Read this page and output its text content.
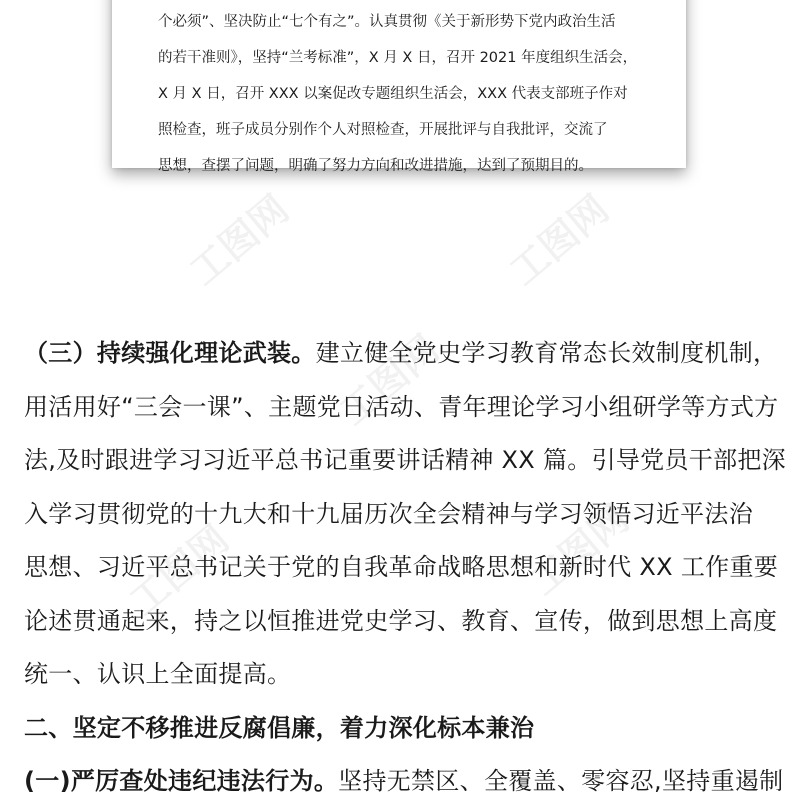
个必须”、坚决防止“七个有之”。认真贯彻《关于新形势下党内政治生活
的若干准则》，坚持“兰考标准”，X 月 X 日，召开 2021 年度组织生活会，
X 月 X 日，召开 XXX 以案促改专题组织生活会，XXX 代表支部班子作对
照检查，班子成员分别作个人对照检查，开展批评与自我批评，交流了
思想，查摆了问题，明确了努力方向和改进措施，达到了预期目的。
工图网	工图网
工图网
工图网	工图网
（三）持续强化理论武装。建立健全党史学习教育常态长效制度机制，
用活用好“三会一课”、主题党日活动、青年理论学习小组研学等方式方
法,及时跟进学习习近平总书记重要讲话精神 XX 篇。引导党员干部把深
入学习贯彻党的十九大和十九届历次全会精神与学习领悟习近平法治
思想、习近平总书记关于党的自我革命战略思想和新时代 XX 工作重要
论述贯通起来，持之以恒推进党史学习、教育、宣传，做到思想上高度
统一、认识上全面提高。
二、坚定不移推进反腐倡廉，着力深化标本兼治
(一)严厉查处违纪违法行为。坚持无禁区、全覆盖、零容忍,坚持重遏制
